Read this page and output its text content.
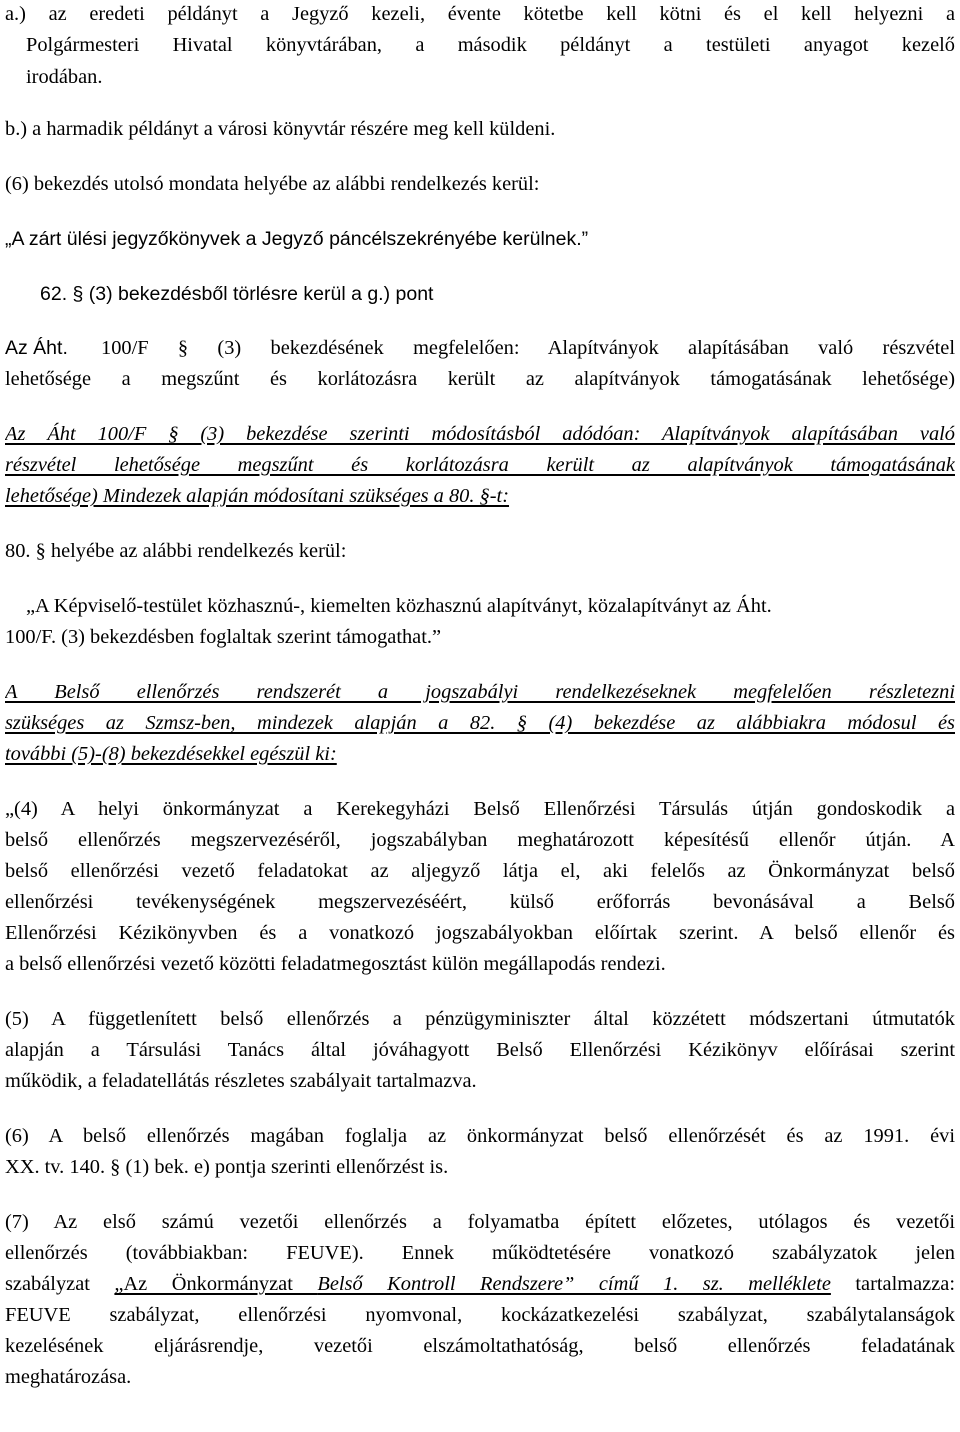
a.) az eredeti példányt a Jegyző kezeli, évente kötetbe kell kötni és el kell helyezni a
Polgármesteri Hivatal könyvtárában, a második példányt a testületi anyagot kezelő
irodában.
b.) a harmadik példányt a városi könyvtár részére meg kell küldeni.
(6) bekezdés utolsó mondata helyébe az alábbi rendelkezés kerül:
„A zárt ülési jegyzőkönyvek a Jegyző páncélszekrényébe kerülnek.”
62. § (3) bekezdésből törlésre kerül a g.) pont
Az Áht.	100/F § (3) bekezdésének megfelelően: Alapítványok alapításában való részvétel
lehetősége a megszűnt és korlátozásra került az alapítványok támogatásának lehetősége)
Az Áht 100/F § (3) bekezdése szerinti módosításból adódóan: Alapítványok alapításában való
részvétel lehetősége megszűnt és korlátozásra került az alapítványok támogatásának
lehetősége) Mindezek alapján módosítani szükséges a 80. §-t:
80. § helyébe az alábbi rendelkezés kerül:
„A Képviselő-testület közhasznú-, kiemelten közhasznú alapítványt, közalapítványt az Áht.
100/F. (3) bekezdésben foglaltak szerint támogathat.”
A Belső ellenőrzés rendszerét a jogszabályi rendelkezéseknek megfelelően részletezni
szükséges az Szmsz-ben, mindezek alapján a 82. § (4) bekezdése az alábbiakra módosul és
további (5)-(8) bekezdésekkel egészül ki:
„(4) A helyi önkormányzat a Kerekegyházi Belső Ellenőrzési Társulás útján gondoskodik a
belső ellenőrzés megszervezéséről, jogszabályban meghatározott képesítésű ellenőr útján. A
belső ellenőrzési vezető feladatokat az aljegyző látja el, aki felelős az Önkormányzat belső
ellenőrzési tevékenységének megszervezéséért, külső erőforrás bevonásával a Belső
Ellenőrzési Kézikönyvben és a vonatkozó jogszabályokban előírtak szerint. A belső ellenőr és
a belső ellenőrzési vezető közötti feladatmegosztást külön megállapodás rendezi.
(5) A függetlenített belső ellenőrzés a pénzügyminiszter által közzétett módszertani útmutatók
alapján a Társulási Tanács által jóváhagyott Belső Ellenőrzési Kézikönyv előírásai szerint
működik, a feladatellátás részletes szabályait tartalmazva.
(6) A belső ellenőrzés magában foglalja az önkormányzat belső ellenőrzését és az 1991. évi
XX. tv. 140. § (1) bek. e) pontja szerinti ellenőrzést is.
(7) Az első számú vezetői ellenőrzés a folyamatba épített előzetes, utólagos és vezetői
ellenőrzés (továbbiakban: FEUVE). Ennek működtetésére vonatkozó szabályzatok jelen
szabályzat „Az Önkormányzat Belső Kontroll Rendszere” című 1. sz. melléklete tartalmazza:
FEUVE szabályzat, ellenőrzési nyomvonal, kockázatkezelési szabályzat, szabálytalanságok
kezelésének eljárásrendje, vezetői elszámoltathatóság, belső ellenőrzés feladatának
meghatározása.
